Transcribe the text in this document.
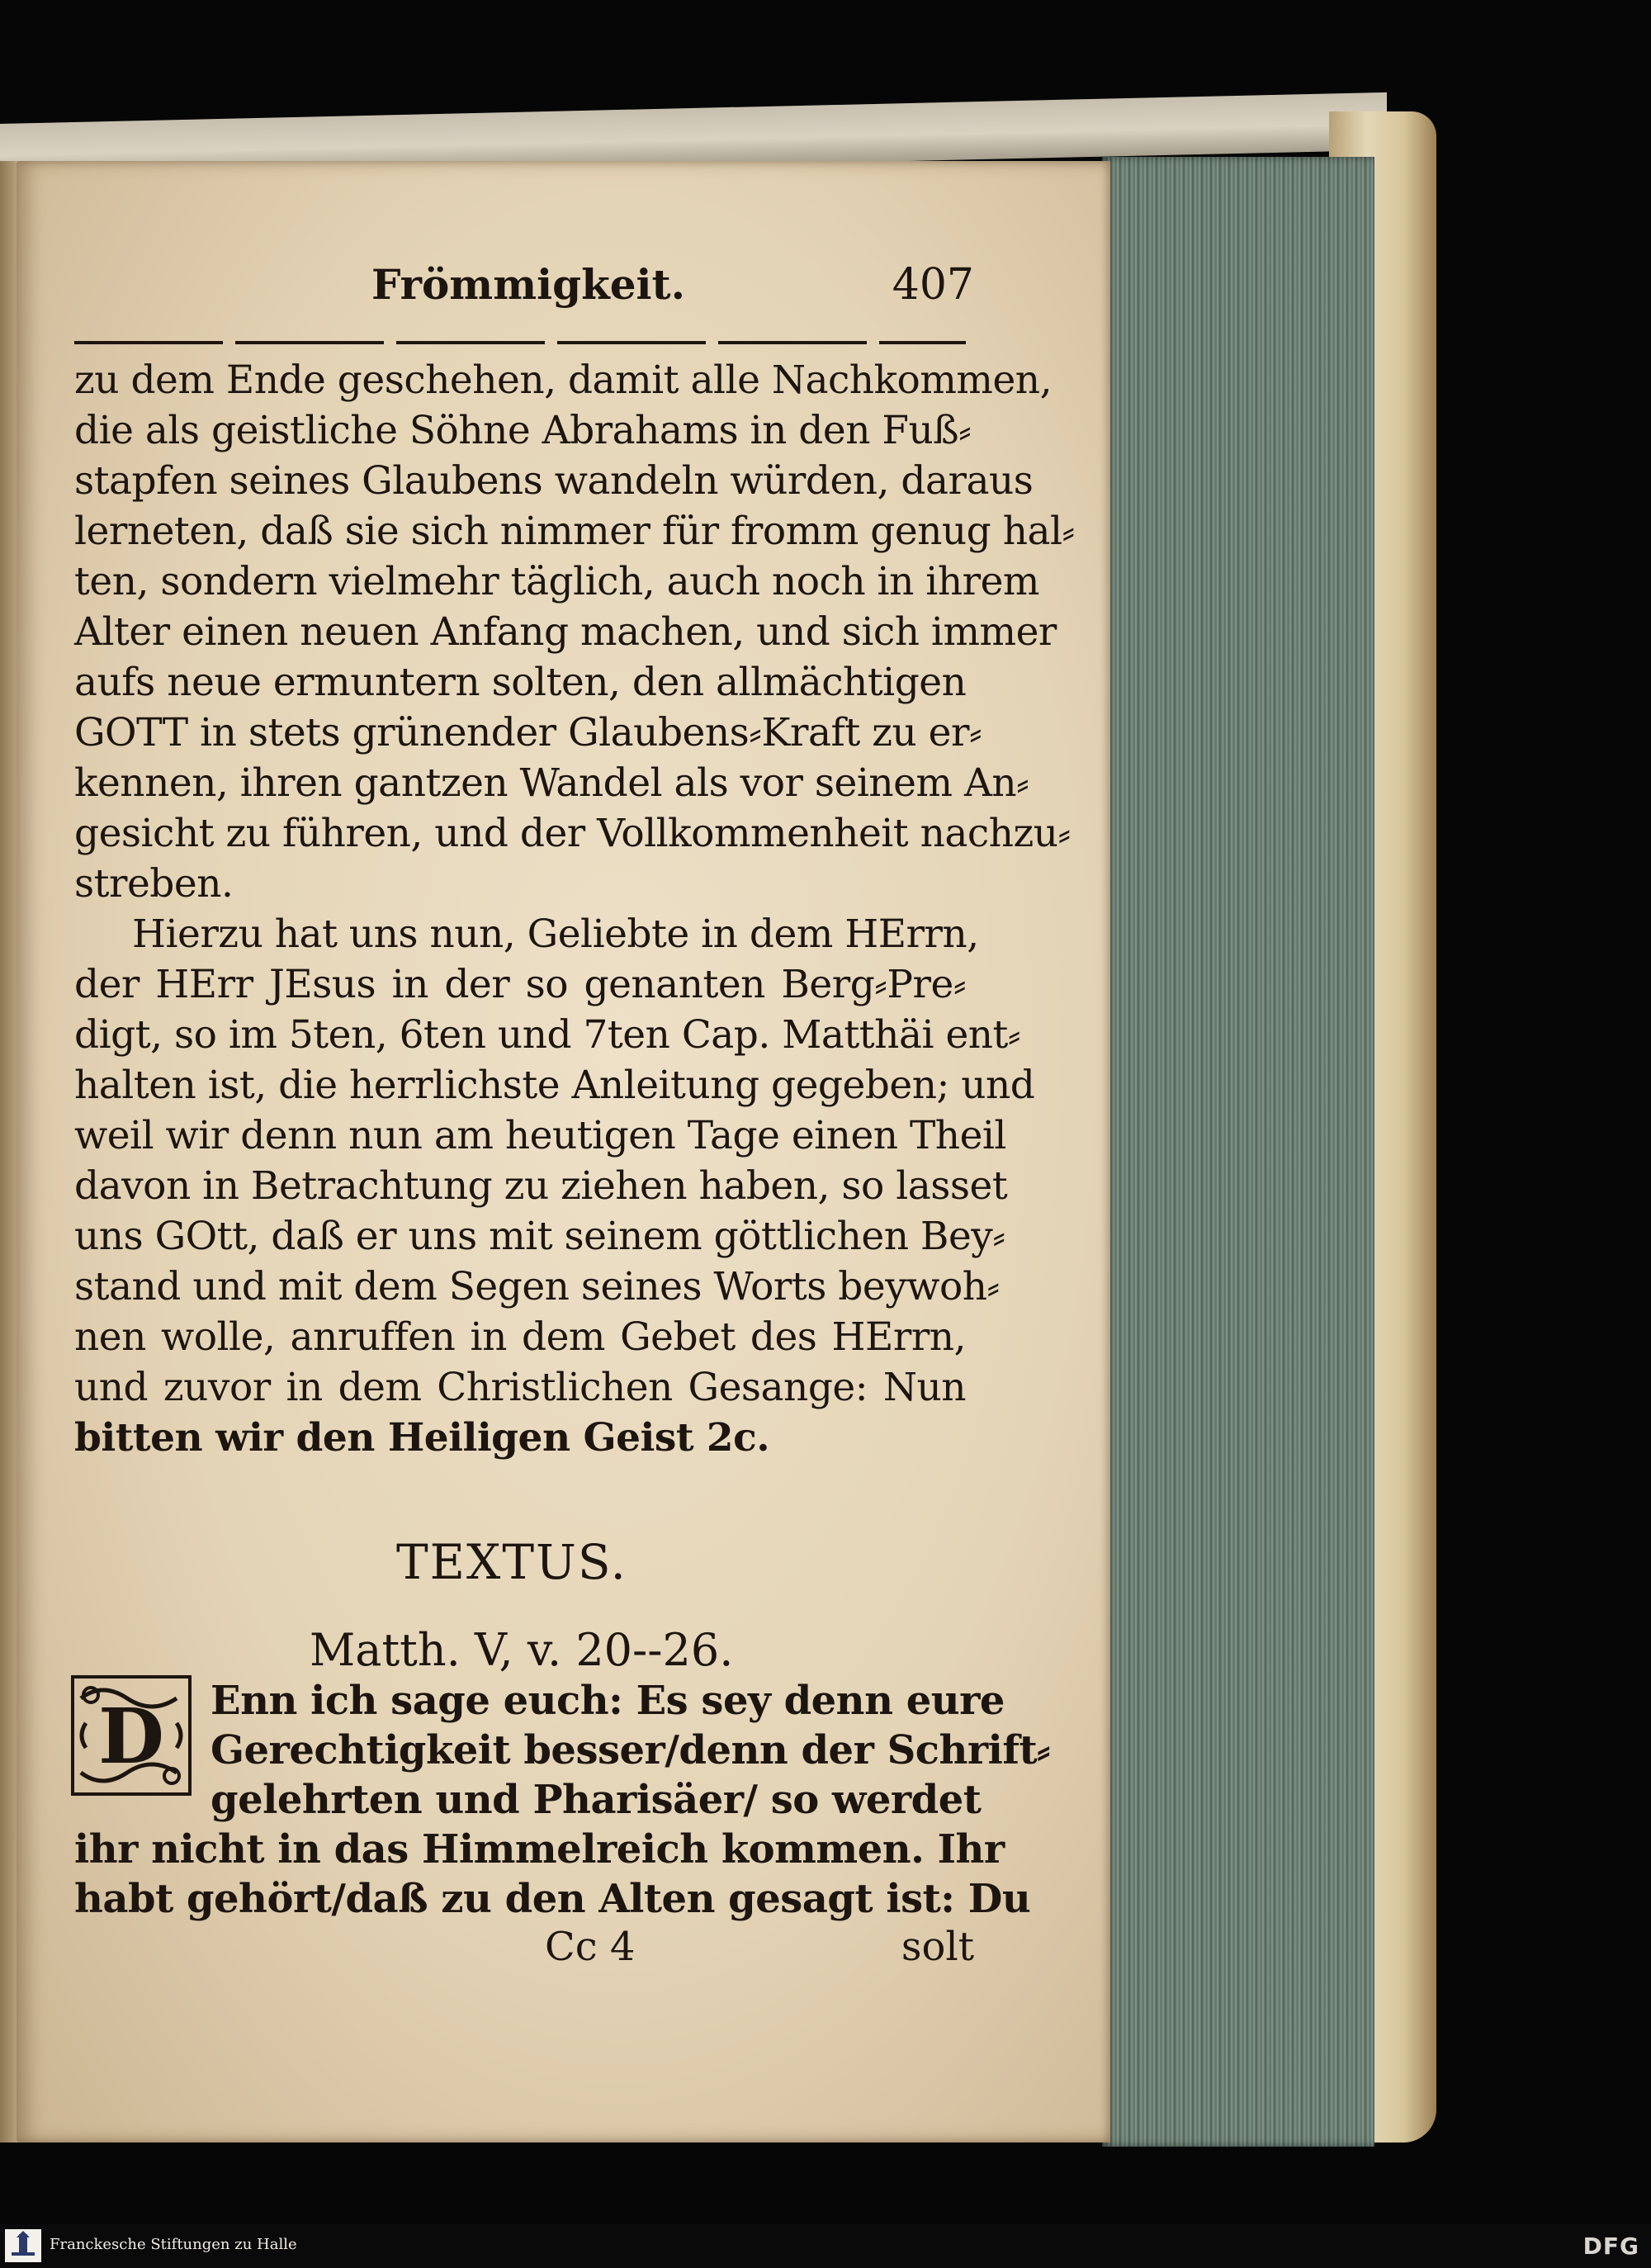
Frömmigkeit.	407
zu dem Ende geschehen, damit alle Nachkommen,
die als geistliche Söhne Abrahams in den Fuß⸗
stapfen seines Glaubens wandeln würden, daraus
lerneten, daß sie sich nimmer für fromm genug hal⸗
ten, sondern vielmehr täglich, auch noch in ihrem
Alter einen neuen Anfang machen, und sich immer
aufs neue ermuntern solten, den allmächtigen
GOTT in stets grünender Glaubens⸗Kraft zu er⸗
kennen, ihren gantzen Wandel als vor seinem An⸗
gesicht zu führen, und der Vollkommenheit nachzu⸗
streben.
Hierzu hat uns nun, Geliebte in dem HErrn,
der HErr JEsus in der so genanten Berg⸗Pre⸗
digt, so im 5ten, 6ten und 7ten Cap. Matthäi ent⸗
halten ist, die herrlichste Anleitung gegeben; und
weil wir denn nun am heutigen Tage einen Theil
davon in Betrachtung zu ziehen haben, so lasset
uns GOtt, daß er uns mit seinem göttlichen Bey⸗
stand und mit dem Segen seines Worts beywoh⸗
nen wolle, anruffen in dem Gebet des HErrn,
und zuvor in dem Christlichen Gesange: Nun
bitten wir den Heiligen Geist 2c.
TEXTUS.
Matth. V, v. 20--26.
D	Enn ich sage euch: Es sey denn eure
Gerechtigkeit besser/denn der Schrift⸗
gelehrten und Pharisäer/ so werdet
ihr nicht in das Himmelreich kommen. Ihr
habt gehört/daß zu den Alten gesagt ist: Du
Cc 4	solt
Franckesche Stiftungen zu Halle	DFG
